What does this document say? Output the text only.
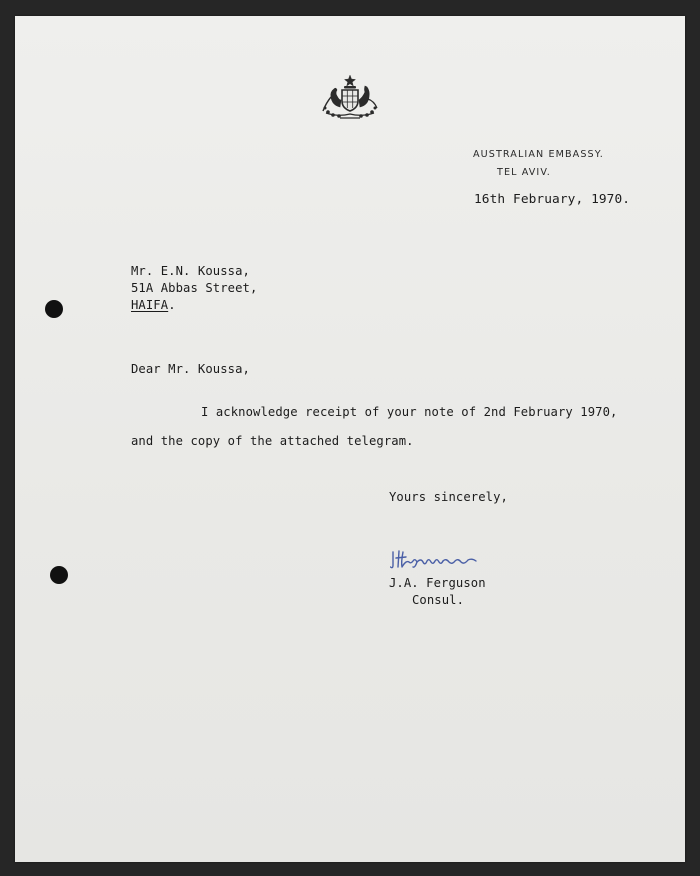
AUSTRALIAN EMBASSY.
TEL AVIV.
16th February, 1970.
Mr. E.N. Koussa,
51A Abbas Street,
HAIFA.
Dear Mr. Koussa,
I acknowledge receipt of your note of 2nd February 1970,
and the copy of the attached telegram.
Yours sincerely,
J.A. Ferguson
Consul.
